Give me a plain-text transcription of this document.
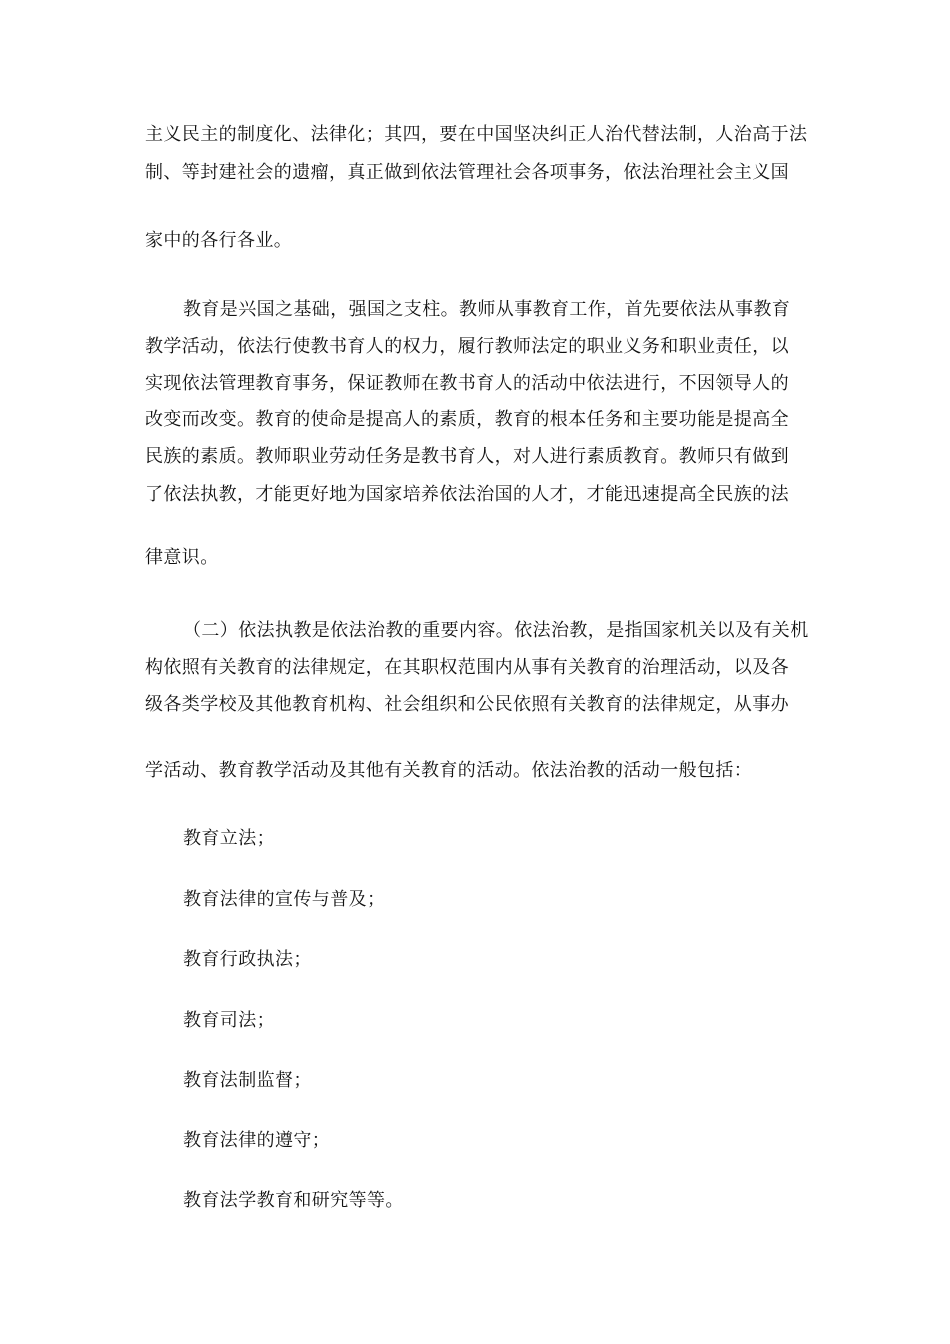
主义民主的制度化、法律化；其四，要在中国坚决纠正人治代替法制，人治高于法
制、等封建社会的遗瘤，真正做到依法管理社会各项事务，依法治理社会主义国
家中的各行各业。
教育是兴国之基础，强国之支柱。教师从事教育工作，首先要依法从事教育
教学活动，依法行使教书育人的权力，履行教师法定的职业义务和职业责任，以
实现依法管理教育事务，保证教师在教书育人的活动中依法进行，不因领导人的
改变而改变。教育的使命是提高人的素质，教育的根本任务和主要功能是提高全
民族的素质。教师职业劳动任务是教书育人，对人进行素质教育。教师只有做到
了依法执教，才能更好地为国家培养依法治国的人才，才能迅速提高全民族的法
律意识。
（二）依法执教是依法治教的重要内容。依法治教，是指国家机关以及有关机
构依照有关教育的法律规定，在其职权范围内从事有关教育的治理活动，以及各
级各类学校及其他教育机构、社会组织和公民依照有关教育的法律规定，从事办
学活动、教育教学活动及其他有关教育的活动。依法治教的活动一般包括：
教育立法；
教育法律的宣传与普及；
教育行政执法；
教育司法；
教育法制监督；
教育法律的遵守；
教育法学教育和研究等等。
